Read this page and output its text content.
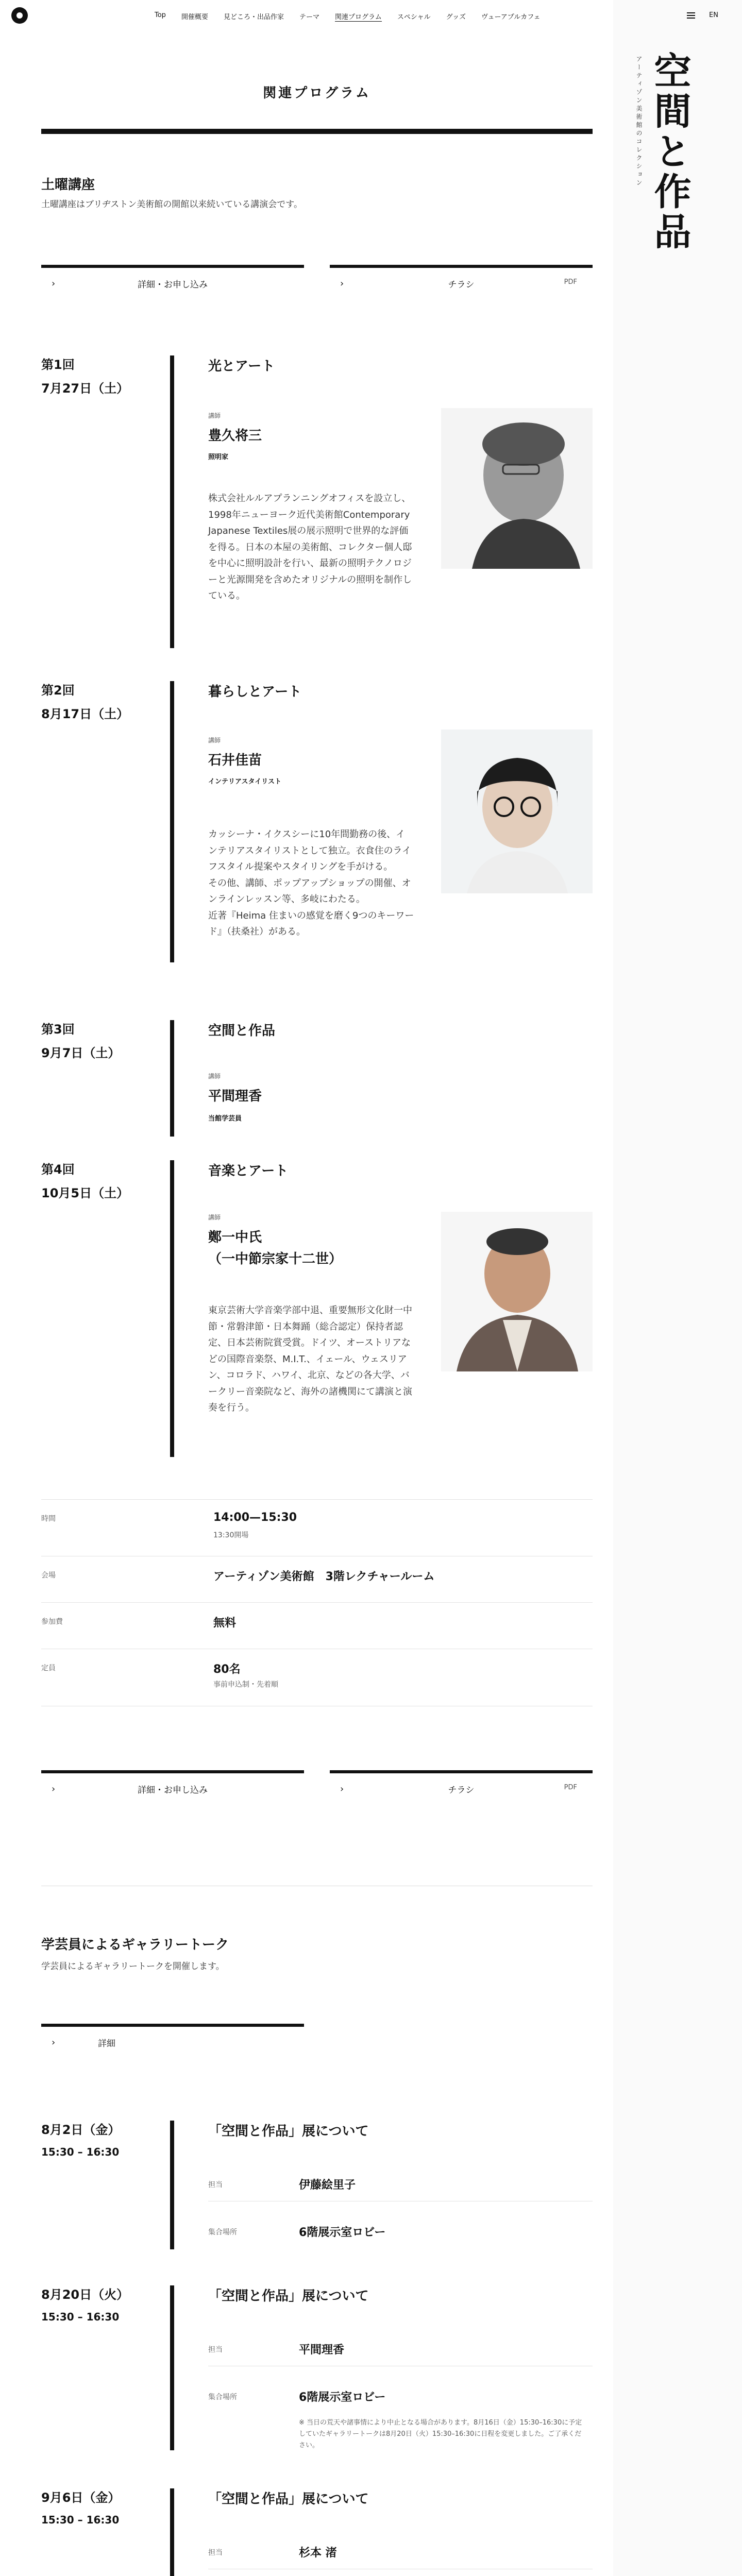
空間と作品
アーティゾン美術館のコレクション
Top 開催概要 見どころ・出品作家 テーマ 関連プログラム スペシャル グッズ ヴューアプルカフェ	EN
関連プログラム
土曜講座
土曜講座はブリヂストン美術館の開館以来続いている講演会です。
›	詳細・お申し込み	›	チラシ	PDF
第1回
7月27日（土）
光とアート
講師
豊久将三
照明家
株式会社ルルアプランニングオフィスを設立し、1998年ニューヨーク近代美術館Contemporary Japanese Textiles展の展示照明で世界的な評価を得る。日本の本屋の美術館、コレクター個人邸を中心に照明設計を行い、最新の照明テクノロジーと光源開発を含めたオリジナルの照明を制作している。
第2回
8月17日（土）
暮らしとアート
講師
石井佳苗
インテリアスタイリスト
カッシーナ・イクスシーに10年間勤務の後、インテリアスタイリストとして独立。衣食住のライフスタイル提案やスタイリングを手がける。
その他、講師、ポップアップショップの開催、オンラインレッスン等、多岐にわたる。
近著『Heima 住まいの感覚を磨く9つのキーワード』（扶桑社）がある。
第3回
9月7日（土）
空間と作品
講師
平間理香
当館学芸員
第4回
10月5日（土）
音楽とアート
講師
鄭一中氏
（一中節宗家十二世）
東京芸術大学音楽学部中退、重要無形文化財一中節・常磐津節・日本舞踊（総合認定）保持者認定、日本芸術院賞受賞。ドイツ、オーストリアなどの国際音楽祭、M.I.T.、イェール、ウェスリアン、コロラド、ハワイ、北京、などの各大学、バークリー音楽院など、海外の諸機関にて講演と演奏を行う。
時間	14:00—15:30
13:30開場
会場	アーティゾン美術館　3階レクチャールーム
参加費	無料
定員	80名
事前申込制・先着順
›	詳細・お申し込み	›	チラシ	PDF
学芸員によるギャラリートーク
学芸員によるギャラリートークを開催します。
›	詳細
8月2日（金）
15:30 – 16:30
「空間と作品」展について
担当	伊藤絵里子
集合場所	6階展示室ロビー
8月20日（火）
15:30 – 16:30
「空間と作品」展について
担当	平間理香
集合場所	6階展示室ロビー
※ 当日の荒天や諸事情により中止となる場合があります。8月16日（金）15:30–16:30に予定していたギャラリートークは8月20日（火）15:30–16:30に日程を変更しました。ご了承ください。
9月6日（金）
15:30 – 16:30
「空間と作品」展について
担当	杉本 渚
